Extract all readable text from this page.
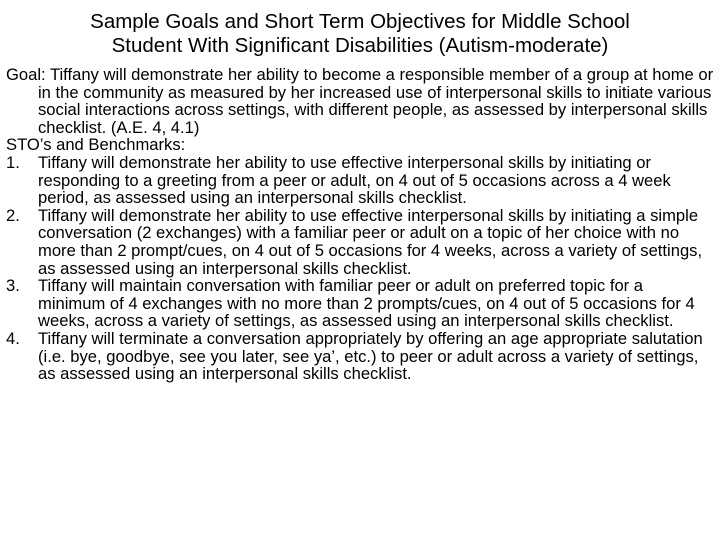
Sample Goals and Short Term Objectives for Middle School
Student With Significant Disabilities (Autism-moderate)

Goal: Tiffany will demonstrate her ability to become a responsible member of a group at home or in the community as measured by her increased use of interpersonal skills to initiate various social interactions across settings, with different people, as assessed by interpersonal skills checklist. (A.E. 4, 4.1)

STO’s and Benchmarks:

1.	Tiffany will demonstrate her ability to use effective interpersonal skills by initiating or responding to a greeting from a peer or adult, on 4 out of 5 occasions across a 4 week period, as assessed using an interpersonal skills checklist.
2.	Tiffany will demonstrate her ability to use effective interpersonal skills by initiating a simple conversation (2 exchanges) with a familiar peer or adult on a topic of her choice with no more than 2 prompt/cues, on 4 out of 5 occasions for 4 weeks, across a variety of settings, as assessed using an interpersonal skills checklist.
3.	Tiffany will maintain conversation with familiar peer or adult on preferred topic for a minimum of 4 exchanges with no more than 2 prompts/cues, on 4 out of 5 occasions for 4 weeks, across a variety of settings, as assessed using an interpersonal skills checklist.
4.	Tiffany will terminate a conversation appropriately by offering an age appropriate salutation (i.e. bye, goodbye, see you later, see ya’, etc.) to peer or adult across a variety of settings, as assessed using an interpersonal skills checklist.
